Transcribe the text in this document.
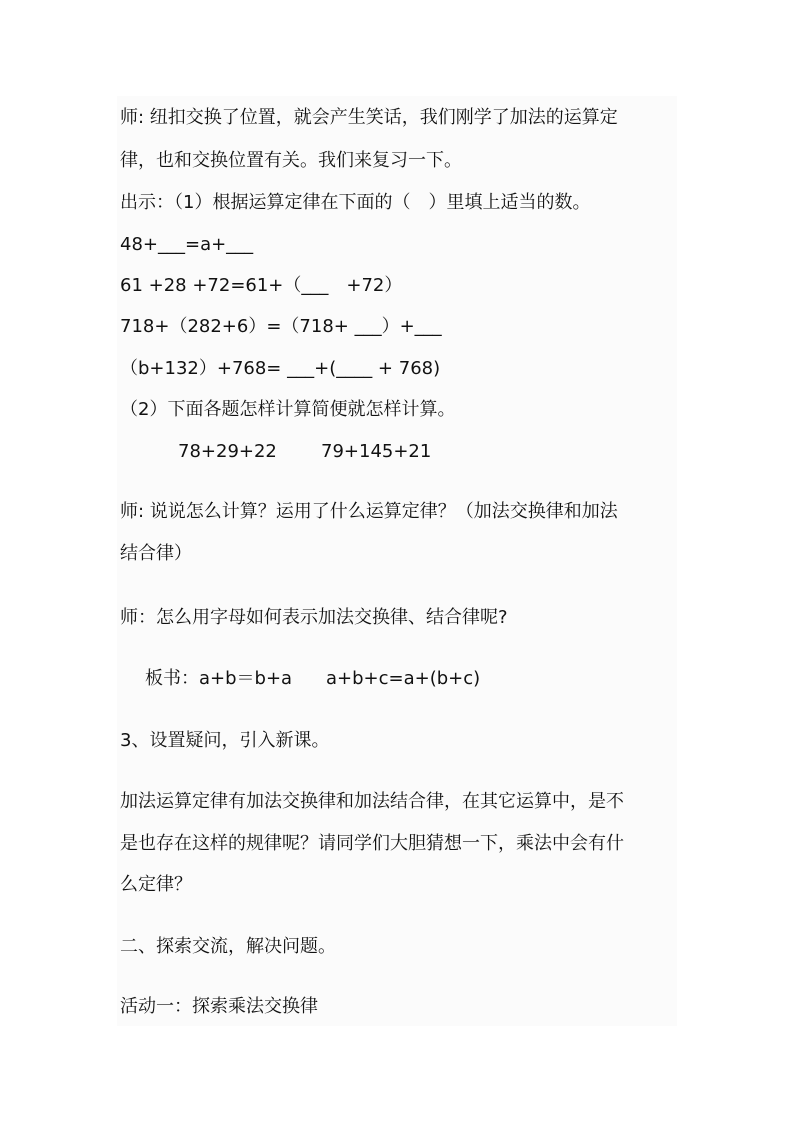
师: 纽扣交换了位置，就会产生笑话，我们刚学了加法的运算定
律，也和交换位置有关。我们来复习一下。
出示：（1）根据运算定律在下面的（　）里填上适当的数。
48+___=a+___
61 +28 +72=61+（___　+72）
718+（282+6）=（718+ ___）+___
（b+132）+768= ___+(____ + 768)
（2）下面各题怎样计算简便就怎样计算。
78+29+22 79+145+21
师: 说说怎么计算？运用了什么运算定律？（加法交换律和加法
结合律）
师：怎么用字母如何表示加法交换律、结合律呢?
板书：a+b＝b+a a+b+c=a+(b+c)
3、设置疑问，引入新课。
加法运算定律有加法交换律和加法结合律，在其它运算中，是不
是也存在这样的规律呢？请同学们大胆猜想一下，乘法中会有什
么定律？
二、探索交流，解决问题。
活动一：探索乘法交换律
